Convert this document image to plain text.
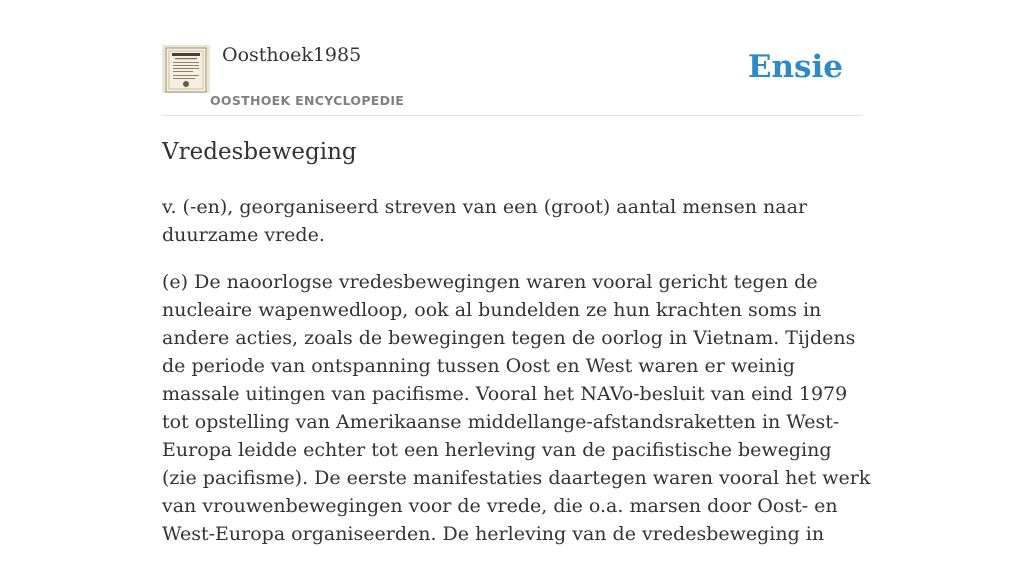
Oosthoek1985
OOSTHOEK ENCYCLOPEDIE
Ensie
Vredesbeweging

v. (-en), georganiseerd streven van een (groot) aantal mensen naar duurzame vrede.

(e) De naoorlogse vredesbewegingen waren vooral gericht tegen de nucleaire wapenwedloop, ook al bundelden ze hun krachten soms in andere acties, zoals de bewegingen tegen de oorlog in Vietnam. Tijdens de periode van ontspanning tussen Oost en West waren er weinig massale uitingen van pacifisme. Vooral het NAVo-besluit van eind 1979 tot opstelling van Amerikaanse middellange-afstandsraketten in West-Europa leidde echter tot een herleving van de pacifistische beweging (zie pacifisme). De eerste manifestaties daartegen waren vooral het werk van vrouwenbewegingen voor de vrede, die o.a. marsen door Oost- en West-Europa organiseerden. De herleving van de vredesbeweging in
